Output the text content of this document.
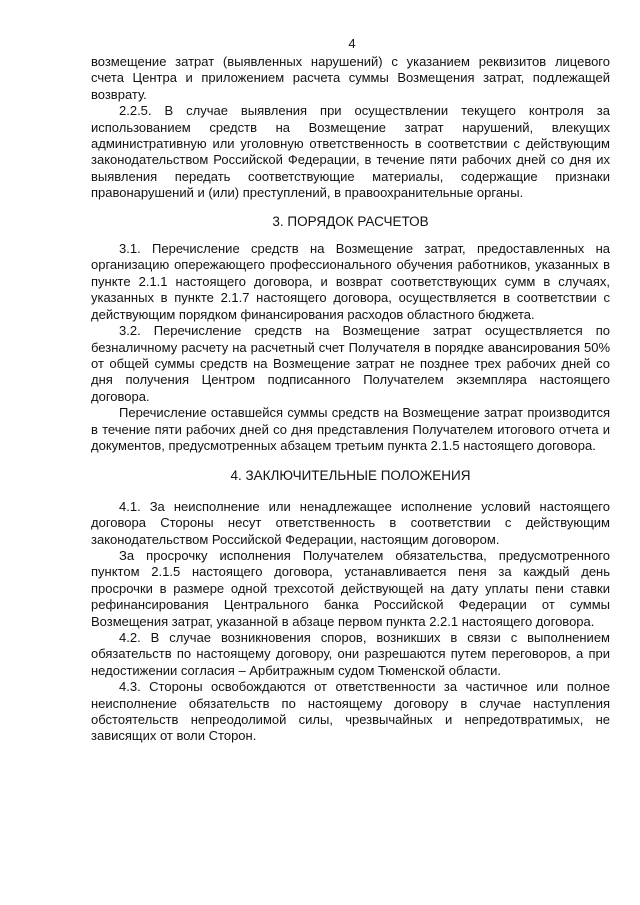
4

возмещение затрат (выявленных нарушений) с указанием реквизитов лицевого счета Центра и приложением расчета суммы Возмещения затрат, подлежащей возврату.

2.2.5. В случае выявления при осуществлении текущего контроля за использованием средств на Возмещение затрат нарушений, влекущих административную или уголовную ответственность в соответствии с действующим законодательством Российской Федерации, в течение пяти рабочих дней со дня их выявления передать соответствующие материалы, содержащие признаки правонарушений и (или) преступлений, в правоохранительные органы.

3. ПОРЯДОК РАСЧЕТОВ

3.1. Перечисление средств на Возмещение затрат, предоставленных на организацию опережающего профессионального обучения работников, указанных в пункте 2.1.1 настоящего договора, и возврат соответствующих сумм в случаях, указанных в пункте 2.1.7 настоящего договора, осуществляется в соответствии с действующим порядком финансирования расходов областного бюджета.

3.2. Перечисление средств на Возмещение затрат осуществляется по безналичному расчету на расчетный счет Получателя в порядке авансирования 50% от общей суммы средств на Возмещение затрат не позднее трех рабочих дней со дня получения Центром подписанного Получателем экземпляра настоящего договора.

Перечисление оставшейся суммы средств на Возмещение затрат производится в течение пяти рабочих дней со дня представления Получателем итогового отчета и документов, предусмотренных абзацем третьим пункта 2.1.5 настоящего договора.

4. ЗАКЛЮЧИТЕЛЬНЫЕ ПОЛОЖЕНИЯ

4.1. За неисполнение или ненадлежащее исполнение условий настоящего договора Стороны несут ответственность в соответствии с действующим законодательством Российской Федерации, настоящим договором.

За просрочку исполнения Получателем обязательства, предусмотренного пунктом 2.1.5 настоящего договора, устанавливается пеня за каждый день просрочки в размере одной трехсотой действующей на дату уплаты пени ставки рефинансирования Центрального банка Российской Федерации от суммы Возмещения затрат, указанной в абзаце первом пункта 2.2.1 настоящего договора.

4.2. В случае возникновения споров, возникших в связи с выполнением обязательств по настоящему договору, они разрешаются путем переговоров, а при недостижении согласия – Арбитражным судом Тюменской области.

4.3. Стороны освобождаются от ответственности за частичное или полное неисполнение обязательств по настоящему договору в случае наступления обстоятельств непреодолимой силы, чрезвычайных и непредотвратимых, не зависящих от воли Сторон.
